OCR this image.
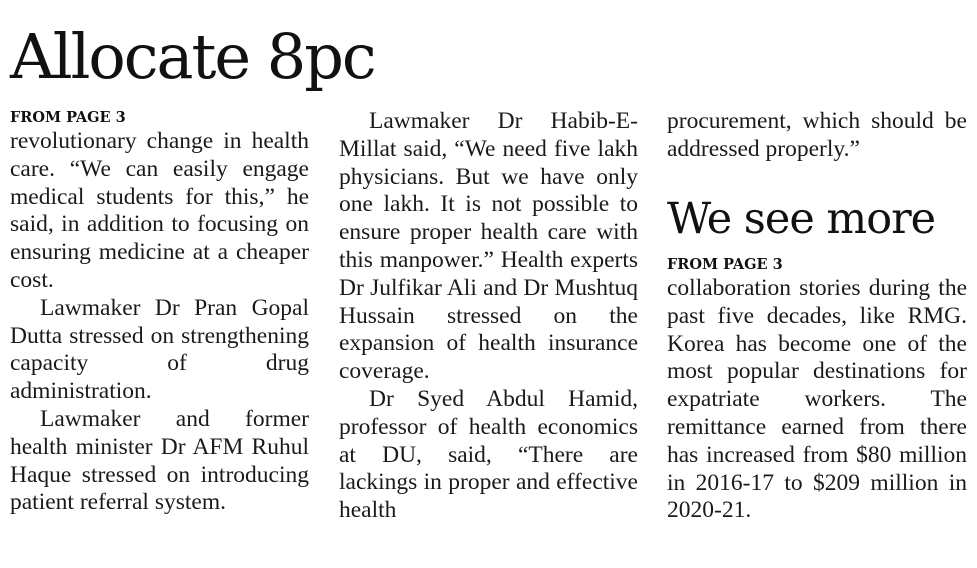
Allocate 8pc
FROM PAGE 3

revolutionary change in health care. “We can easily engage medical students for this,” he said, in addition to focusing on ensuring medicine at a cheaper cost.

Lawmaker Dr Pran Gopal Dutta stressed on strengthening capacity of drug administration.

Lawmaker and former health minister Dr AFM Ruhul Haque stressed on introducing patient referral system.

Lawmaker Dr Habib-E-Millat said, “We need five lakh physicians. But we have only one lakh. It is not possible to ensure proper health care with this manpower.” Health experts Dr Julfikar Ali and Dr Mushtuq Hussain stressed on the expansion of health insurance coverage.

Dr Syed Abdul Hamid, professor of health economics at DU, said, “There are lackings in proper and effective health

procurement, which should be addressed properly.”

We see more
FROM PAGE 3

collaboration stories during the past five decades, like RMG. Korea has become one of the most popular destinations for expatriate workers. The remittance earned from there has increased from $80 million in 2016-17 to $209 million in 2020-21.
